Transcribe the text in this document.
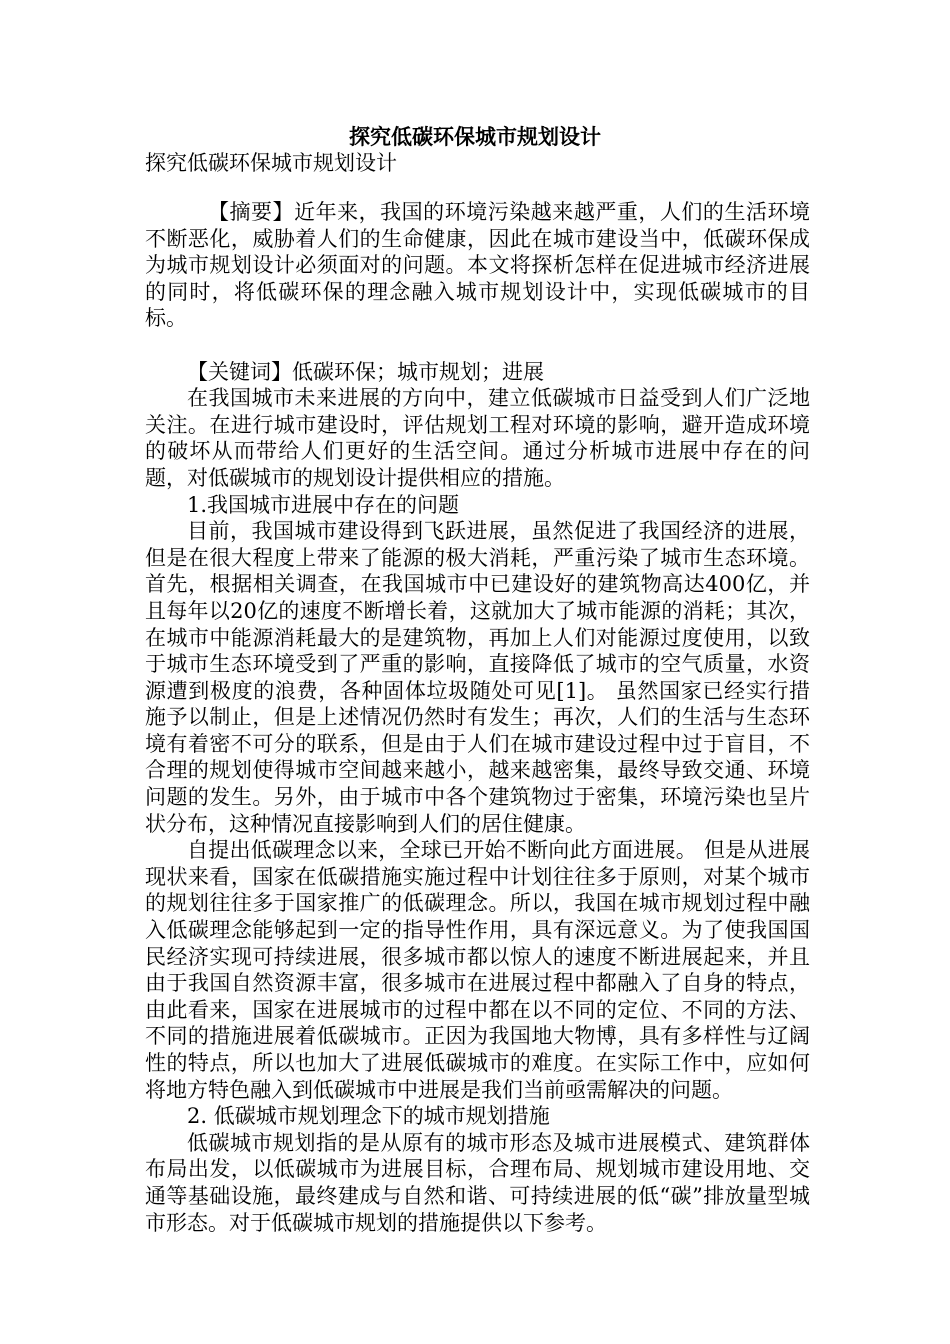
探究低碳环保城市规划设计
探究低碳环保城市规划设计

【摘要】近年来，我国的环境污染越来越严重，人们的生活环境不断恶化，威胁着人们的生命健康，因此在城市建设当中，低碳环保成为城市规划设计必须面对的问题。本文将探析怎样在促进城市经济进展的同时，将低碳环保的理念融入城市规划设计中，实现低碳城市的目标。

【关键词】低碳环保；城市规划；进展

在我国城市未来进展的方向中，建立低碳城市日益受到人们广泛地关注。在进行城市建设时，评估规划工程对环境的影响，避开造成环境的破坏从而带给人们更好的生活空间。通过分析城市进展中存在的问题，对低碳城市的规划设计提供相应的措施。

1.我国城市进展中存在的问题

目前，我国城市建设得到飞跃进展，虽然促进了我国经济的进展，但是在很大程度上带来了能源的极大消耗，严重污染了城市生态环境。 首先，根据相关调查，在我国城市中已建设好的建筑物高达400亿，并且每年以20亿的速度不断增长着，这就加大了城市能源的消耗；其次，在城市中能源消耗最大的是建筑物，再加上人们对能源过度使用，以致于城市生态环境受到了严重的影响，直接降低了城市的空气质量，水资源遭到极度的浪费，各种固体垃圾随处可见[1]。 虽然国家已经实行措施予以制止，但是上述情况仍然时有发生；再次，人们的生活与生态环境有着密不可分的联系，但是由于人们在城市建设过程中过于盲目，不合理的规划使得城市空间越来越小，越来越密集，最终导致交通、环境问题的发生。另外，由于城市中各个建筑物过于密集，环境污染也呈片状分布，这种情况直接影响到人们的居住健康。

自提出低碳理念以来，全球已开始不断向此方面进展。 但是从进展现状来看，国家在低碳措施实施过程中计划往往多于原则，对某个城市的规划往往多于国家推广的低碳理念。所以，我国在城市规划过程中融入低碳理念能够起到一定的指导性作用，具有深远意义。为了使我国国民经济实现可持续进展，很多城市都以惊人的速度不断进展起来，并且由于我国自然资源丰富，很多城市在进展过程中都融入了自身的特点，由此看来，国家在进展城市的过程中都在以不同的定位、不同的方法、不同的措施进展着低碳城市。正因为我国地大物博，具有多样性与辽阔性的特点，所以也加大了进展低碳城市的难度。在实际工作中，应如何将地方特色融入到低碳城市中进展是我们当前亟需解决的问题。

2. 低碳城市规划理念下的城市规划措施

低碳城市规划指的是从原有的城市形态及城市进展模式、建筑群体布局出发，以低碳城市为进展目标，合理布局、规划城市建设用地、交通等基础设施，最终建成与自然和谐、可持续进展的低“碳”排放量型城市形态。对于低碳城市规划的措施提供以下参考。
